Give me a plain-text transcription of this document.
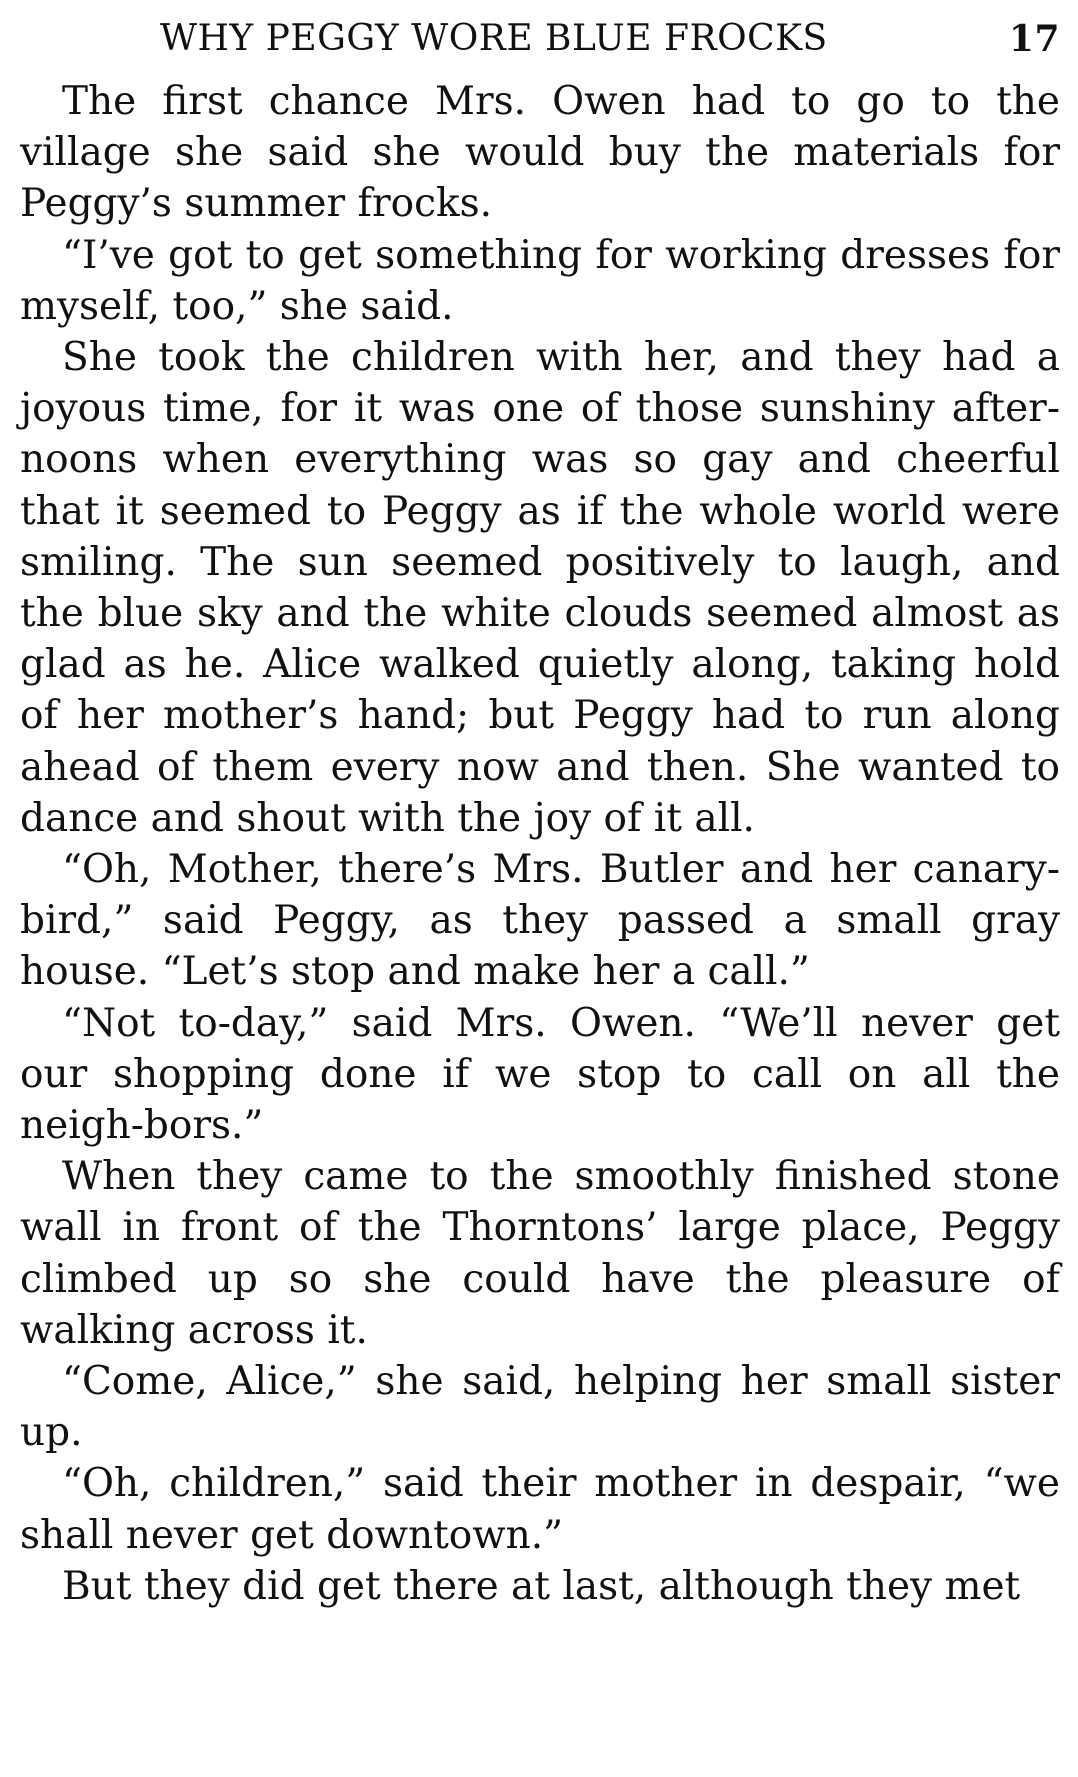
WHY PEGGY WORE BLUE FROCKS	17

The first chance Mrs. Owen had to go to the village she said she would buy the materials for Peggy’s summer frocks.

“I’ve got to get something for working dresses for myself, too,” she said.

She took the children with her, and they had a joyous time, for it was one of those sunshiny after-noons when everything was so gay and cheerful that it seemed to Peggy as if the whole world were smiling. The sun seemed positively to laugh, and the blue sky and the white clouds seemed almost as glad as he. Alice walked quietly along, taking hold of her mother’s hand; but Peggy had to run along ahead of them every now and then. She wanted to dance and shout with the joy of it all.

“Oh, Mother, there’s Mrs. Butler and her canary-bird,” said Peggy, as they passed a small gray house. “Let’s stop and make her a call.”

“Not to-day,” said Mrs. Owen. “We’ll never get our shopping done if we stop to call on all the neigh-bors.”

When they came to the smoothly finished stone wall in front of the Thorntons’ large place, Peggy climbed up so she could have the pleasure of walking across it.

“Come, Alice,” she said, helping her small sister up.

“Oh, children,” said their mother in despair, “we shall never get downtown.”

But they did get there at last, although they met
